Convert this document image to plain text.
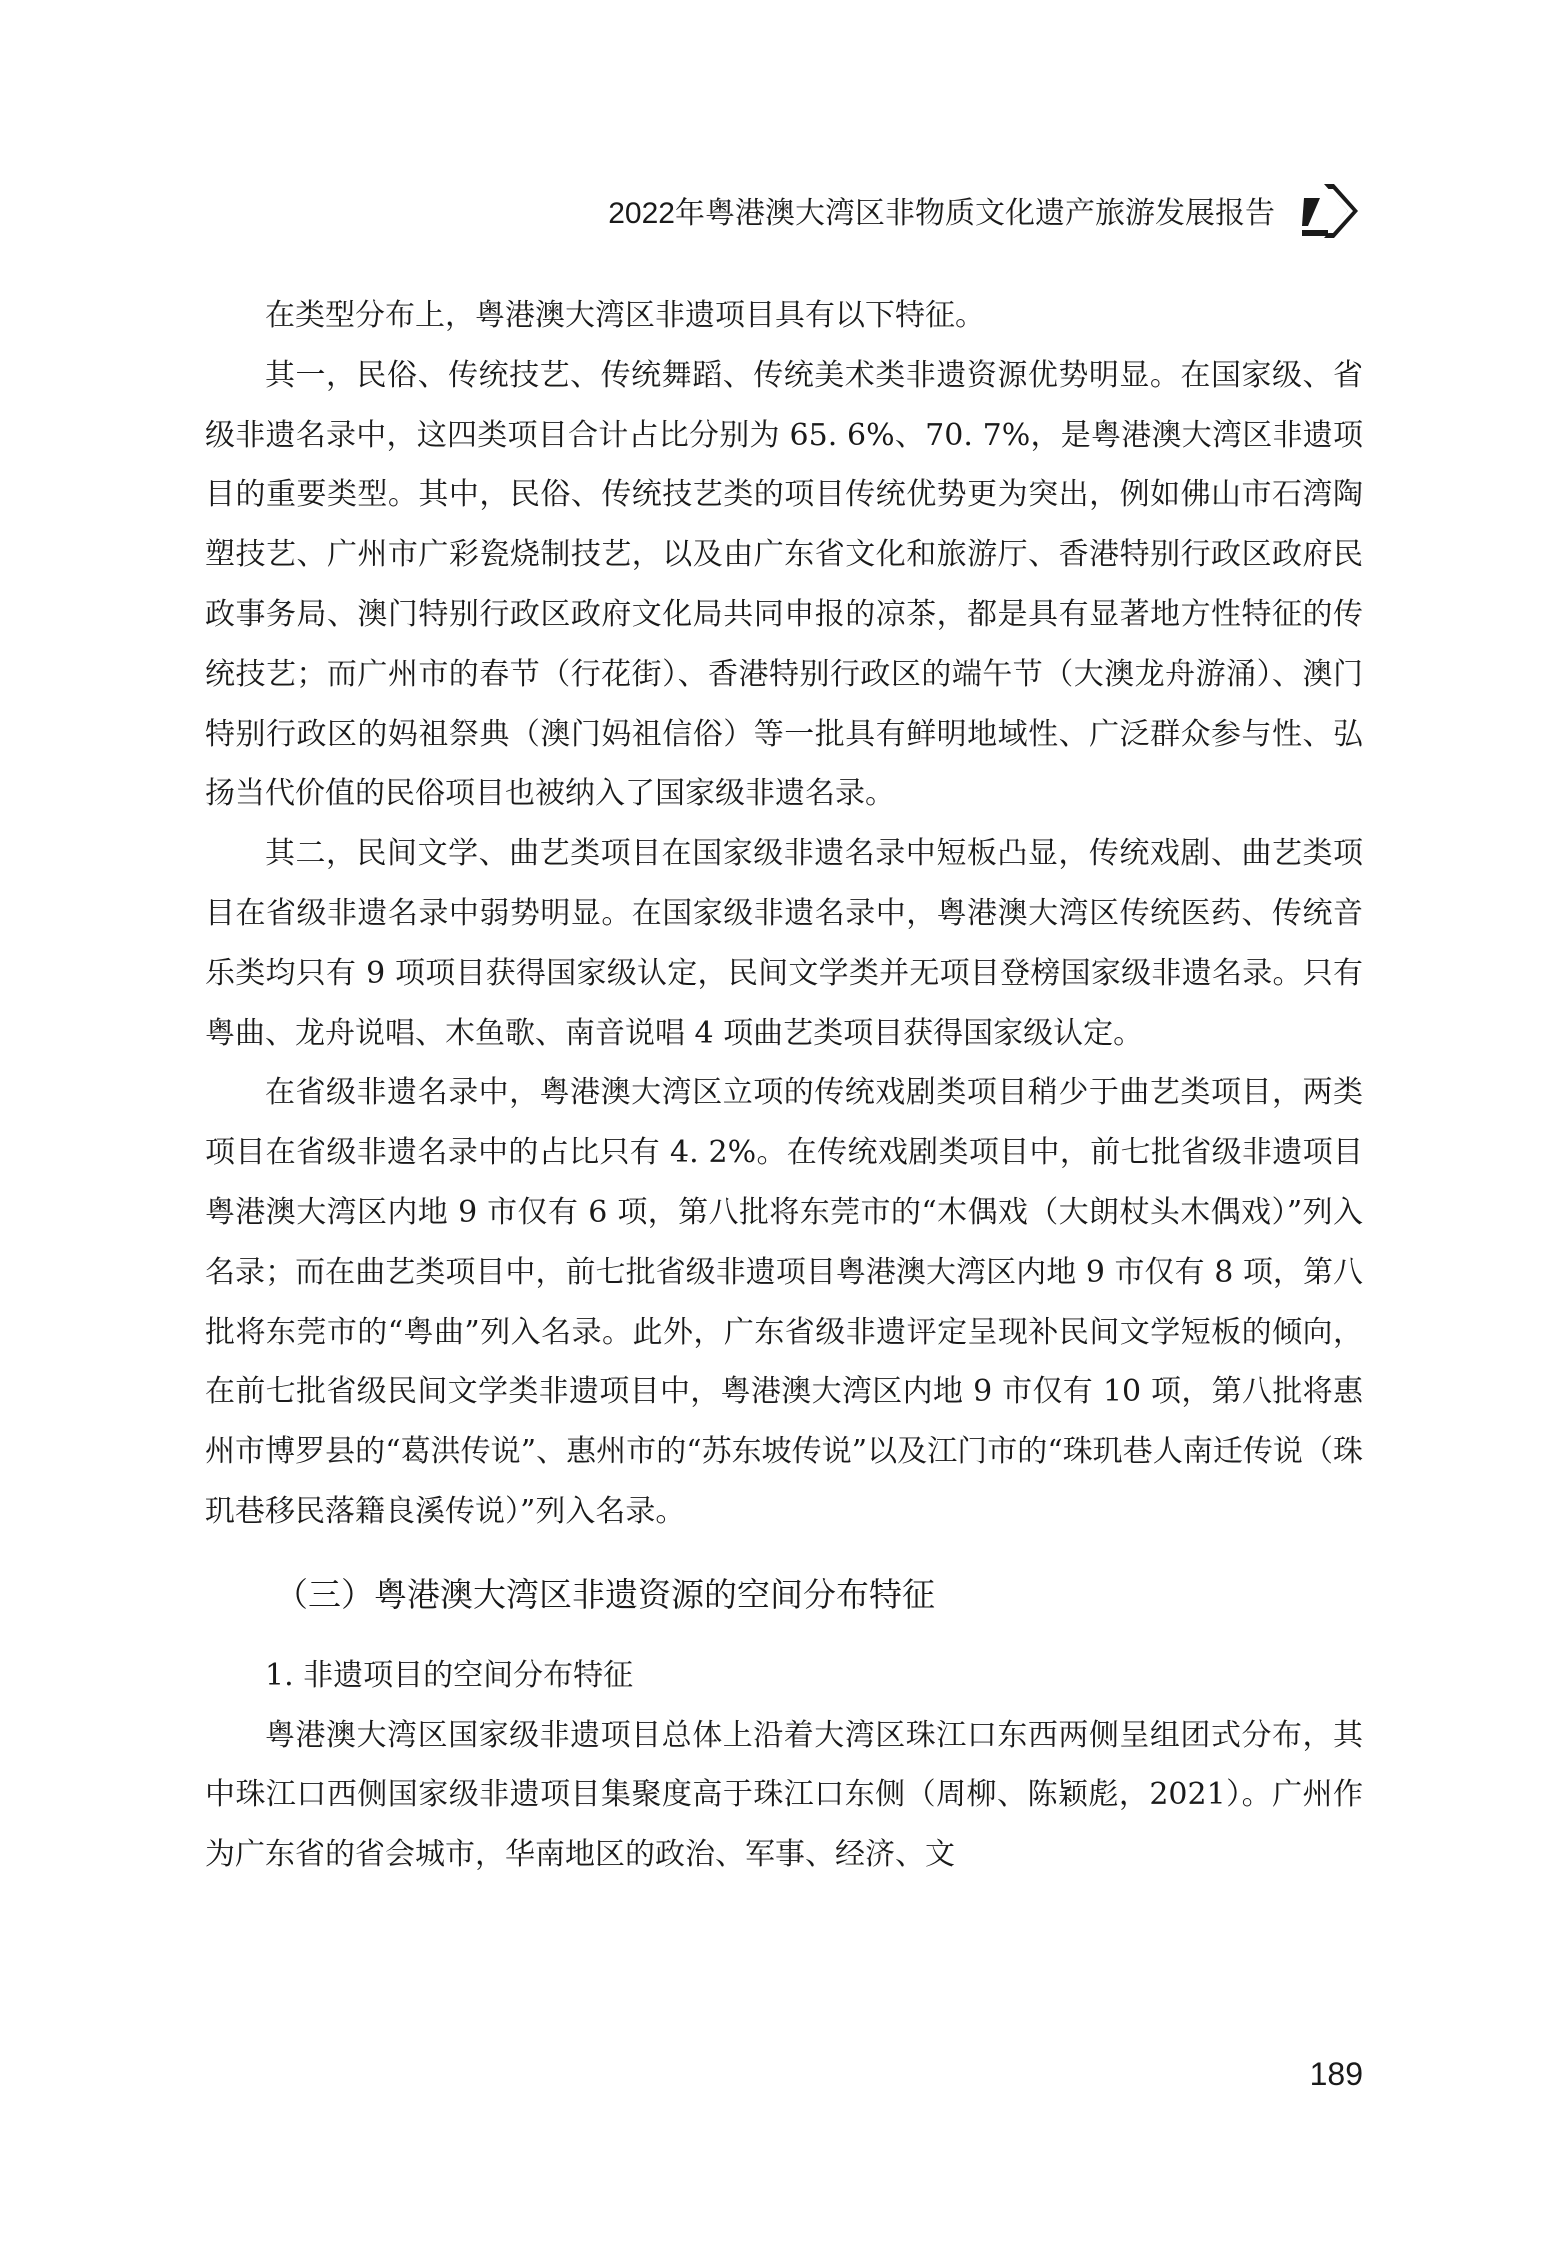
2022年粤港澳大湾区非物质文化遗产旅游发展报告

在类型分布上，粤港澳大湾区非遗项目具有以下特征。

其一，民俗、传统技艺、传统舞蹈、传统美术类非遗资源优势明显。在国家级、省级非遗名录中，这四类项目合计占比分别为 65. 6%、70. 7%，是粤港澳大湾区非遗项目的重要类型。其中，民俗、传统技艺类的项目传统优势更为突出，例如佛山市石湾陶塑技艺、广州市广彩瓷烧制技艺，以及由广东省文化和旅游厅、香港特别行政区政府民政事务局、澳门特别行政区政府文化局共同申报的凉茶，都是具有显著地方性特征的传统技艺；而广州市的春节（行花街）、香港特别行政区的端午节（大澳龙舟游涌）、澳门特别行政区的妈祖祭典（澳门妈祖信俗）等一批具有鲜明地域性、广泛群众参与性、弘扬当代价值的民俗项目也被纳入了国家级非遗名录。

其二，民间文学、曲艺类项目在国家级非遗名录中短板凸显，传统戏剧、曲艺类项目在省级非遗名录中弱势明显。在国家级非遗名录中，粤港澳大湾区传统医药、传统音乐类均只有 9 项项目获得国家级认定，民间文学类并无项目登榜国家级非遗名录。只有粤曲、龙舟说唱、木鱼歌、南音说唱 4 项曲艺类项目获得国家级认定。

在省级非遗名录中，粤港澳大湾区立项的传统戏剧类项目稍少于曲艺类项目，两类项目在省级非遗名录中的占比只有 4. 2%。在传统戏剧类项目中，前七批省级非遗项目粤港澳大湾区内地 9 市仅有 6 项，第八批将东莞市的“木偶戏（大朗杖头木偶戏）”列入名录；而在曲艺类项目中，前七批省级非遗项目粤港澳大湾区内地 9 市仅有 8 项，第八批将东莞市的“粤曲”列入名录。此外，广东省级非遗评定呈现补民间文学短板的倾向，在前七批省级民间文学类非遗项目中，粤港澳大湾区内地 9 市仅有 10 项，第八批将惠州市博罗县的“葛洪传说”、惠州市的“苏东坡传说”以及江门市的“珠玑巷人南迁传说（珠玑巷移民落籍良溪传说）”列入名录。

（三）粤港澳大湾区非遗资源的空间分布特征

1. 非遗项目的空间分布特征

粤港澳大湾区国家级非遗项目总体上沿着大湾区珠江口东西两侧呈组团式分布，其中珠江口西侧国家级非遗项目集聚度高于珠江口东侧（周柳、陈颖彪，2021）。广州作为广东省的省会城市，华南地区的政治、军事、经济、文

189
